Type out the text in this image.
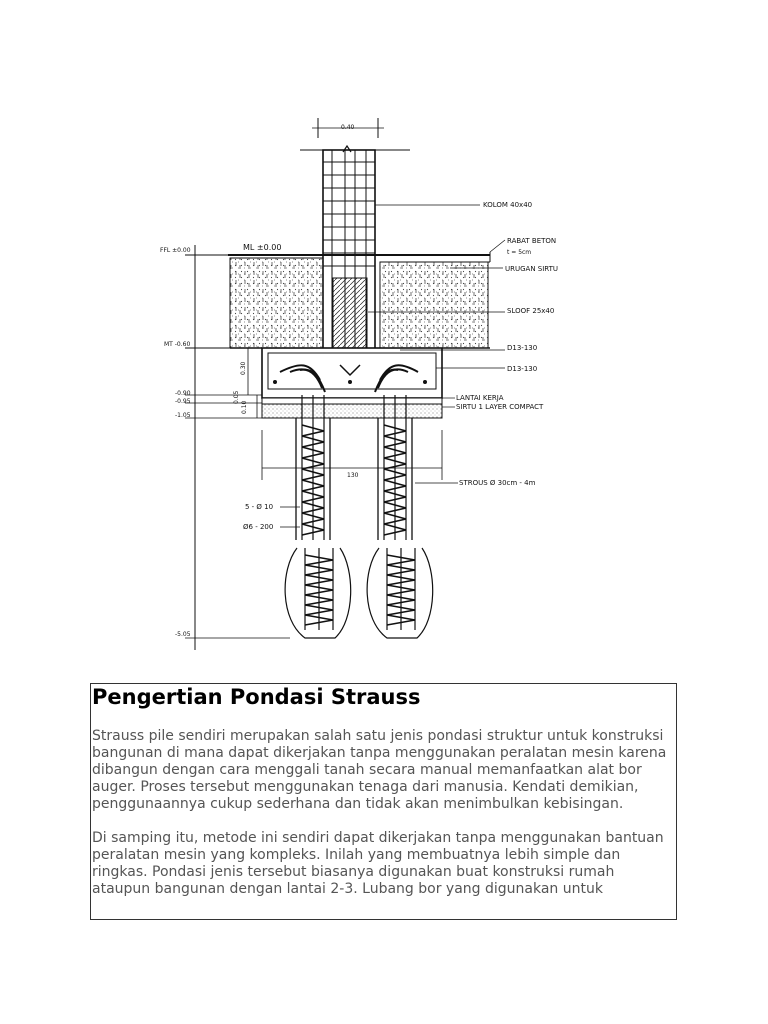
0.40
FFL ±0.00	ML ±0.00
MT -0.60
-0.90
-0.95
-1.05
0.30
0.05
0.10
-5.05
130
KOLOM 40x40
RABAT BETON
t = 5cm
URUGAN SIRTU
SLOOF 25x40
D13-130
D13-130
LANTAI KERJA
SIRTU 1 LAYER COMPACT
STROUS Ø 30cm - 4m
5 - Ø 10
Ø6 - 200
Pengertian Pondasi Strauss

Strauss pile sendiri merupakan salah satu jenis pondasi struktur untuk konstruksi bangunan di mana dapat dikerjakan tanpa menggunakan peralatan mesin karena dibangun dengan cara menggali tanah secara manual memanfaatkan alat bor auger. Proses tersebut menggunakan tenaga dari manusia. Kendati demikian, penggunaannya cukup sederhana dan tidak akan menimbulkan kebisingan.

Di samping itu, metode ini sendiri dapat dikerjakan tanpa menggunakan bantuan peralatan mesin yang kompleks. Inilah yang membuatnya lebih simple dan ringkas. Pondasi jenis tersebut biasanya digunakan buat konstruksi rumah ataupun bangunan dengan lantai 2-3. Lubang bor yang digunakan untuk
